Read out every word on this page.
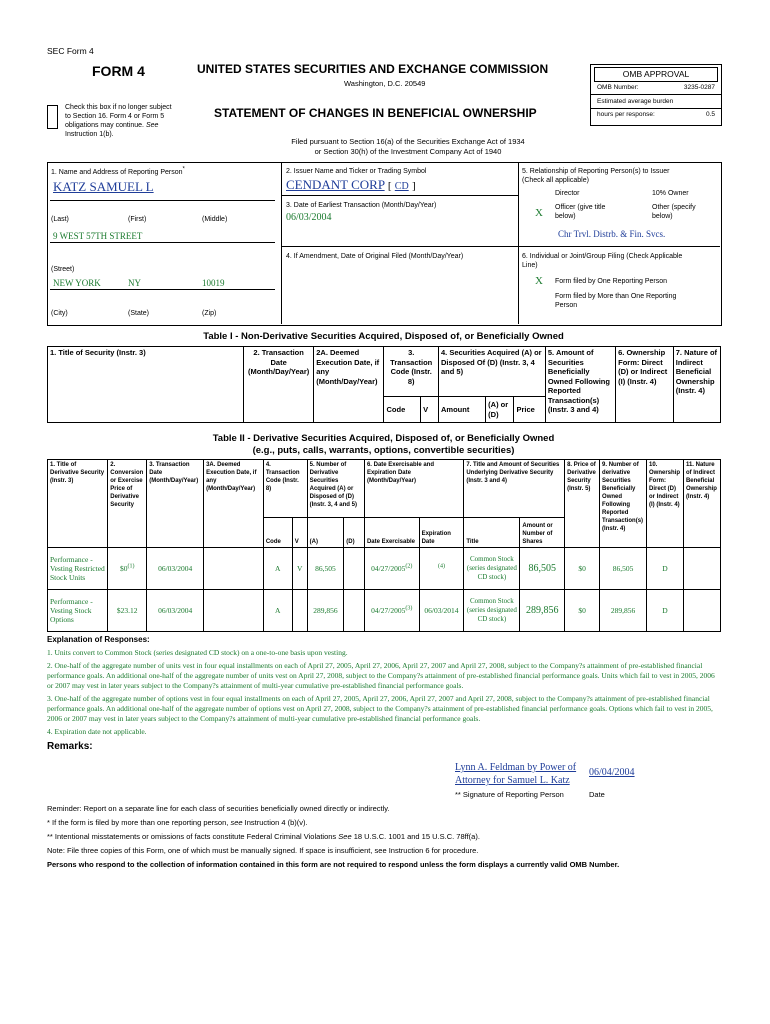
SEC Form 4
FORM 4	UNITED STATES SECURITIES AND EXCHANGE COMMISSION
Washington, D.C. 20549
Check this box if no longer subject
to Section 16. Form 4 or Form 5
obligations may continue. See
Instruction 1(b).
STATEMENT OF CHANGES IN BENEFICIAL OWNERSHIP
Filed pursuant to Section 16(a) of the Securities Exchange Act of 1934
or Section 30(h) of the Investment Company Act of 1940
OMB APPROVAL
OMB Number:	3235-0287
Estimated average burden
hours per response:	0.5
1. Name and Address of Reporting Person*
KATZ SAMUEL L
(Last)	(First)	(Middle)
9 WEST 57TH STREET
(Street)
NEW YORK	NY	10019
(City)	(State)	(Zip)
2. Issuer Name and Ticker or Trading Symbol
CENDANT CORP [ CD ]
3. Date of Earliest Transaction (Month/Day/Year)
06/03/2004
4. If Amendment, Date of Original Filed (Month/Day/Year)
5. Relationship of Reporting Person(s) to Issuer
(Check all applicable)
Director	10% Owner
X Officer (give title
below)
Other (specify
below)
Chr Trvl. Distrb. & Fin. Svcs.
6. Individual or Joint/Group Filing (Check Applicable
Line)
X Form filed by One Reporting Person
Form filed by More than One Reporting
Person
Table I - Non-Derivative Securities Acquired, Disposed of, or Beneficially Owned
1. Title of Security (Instr. 3)	2. Transaction Date (Month/Day/Year)	2A. Deemed Execution Date, if any (Month/Day/Year)	3. Transaction Code (Instr. 8)		4. Securities Acquired (A) or Disposed Of (D) (Instr. 3, 4 and 5)			5. Amount of Securities Beneficially Owned Following Reported Transaction(s) (Instr. 3 and 4)	6. Ownership Form: Direct (D) or Indirect (I) (Instr. 4)	7. Nature of Indirect Beneficial Ownership (Instr. 4)
			Code	V	Amount	(A) or (D)	Price			
Table II - Derivative Securities Acquired, Disposed of, or Beneficially Owned
(e.g., puts, calls, warrants, options, convertible securities)
1. Title of Derivative Security (Instr. 3)	2. Conversion or Exercise Price of Derivative Security	3. Transaction Date (Month/Day/Year)	3A. Deemed Execution Date, if any (Month/Day/Year)	4. Transaction Code (Instr. 8)		5. Number of Derivative Securities Acquired (A) or Disposed of (D) (Instr. 3, 4 and 5)		6. Date Exercisable and Expiration Date (Month/Day/Year)		7. Title and Amount of Securities Underlying Derivative Security (Instr. 3 and 4)		8. Price of Derivative Security (Instr. 5)	9. Number of derivative Securities Beneficially Owned Following Reported Transaction(s) (Instr. 4)	10. Ownership Form: Direct (D) or Indirect (I) (Instr. 4)	11. Nature of Indirect Beneficial Ownership (Instr. 4)
				Code	V	(A)	(D)	Date Exercisable	Expiration Date	Title	Amount or Number of Shares				
Performance - Vesting Restricted Stock Units	$0$^{(1)}$	06/03/2004		A	V	86,505		04/27/2005$^{(2)}$	$^{(4)}$	Common Stock (series designated CD stock)	86,505	$0	86,505	D	
Performance - Vesting Stock Options	$23.12	06/03/2004		A		289,856		04/27/2005$^{(3)}$	06/03/2014	Common Stock (series designated CD stock)	289,856	$0	289,856	D	
Explanation of Responses:
1. Units convert to Common Stock (series designated CD stock) on a one-to-one basis upon vesting.
2. One-half of the aggregate number of units vest in four equal installments on each of April 27, 2005, April 27, 2006, April 27, 2007 and April 27, 2008, subject to the Company?s attainment of pre-established financial performance goals. An additional one-half of the aggregate number of units vest on April 27, 2008, subject to the Company?s attainment of pre-established financial performance goals. Units which fail to vest in 2005, 2006 or 2007 may vest in later years subject to the Company?s attainment of multi-year cumulative pre-established financial performance goals.
3. One-half of the aggregate number of options vest in four equal installments on each of April 27, 2005, April 27, 2006, April 27, 2007 and April 27, 2008, subject to the Company?s attainment of pre-established financial performance goals. An additional one-half of the aggregate number of options vest on April 27, 2008, subject to the Company?s attainment of pre-established financial performance goals. Options which fail to vest in 2005, 2006 or 2007 may vest in later years subject to the Company?s attainment of multi-year cumulative pre-established financial performance goals.
4. Expiration date not applicable.
Remarks:
Lynn A. Feldman by Power of
Attorney for Samuel L. Katz
06/04/2004
** Signature of Reporting Person	Date
Reminder: Report on a separate line for each class of securities beneficially owned directly or indirectly.
* If the form is filed by more than one reporting person, see Instruction 4 (b)(v).
** Intentional misstatements or omissions of facts constitute Federal Criminal Violations See 18 U.S.C. 1001 and 15 U.S.C. 78ff(a).
Note: File three copies of this Form, one of which must be manually signed. If space is insufficient, see Instruction 6 for procedure.
Persons who respond to the collection of information contained in this form are not required to respond unless the form displays a currently valid OMB Number.
